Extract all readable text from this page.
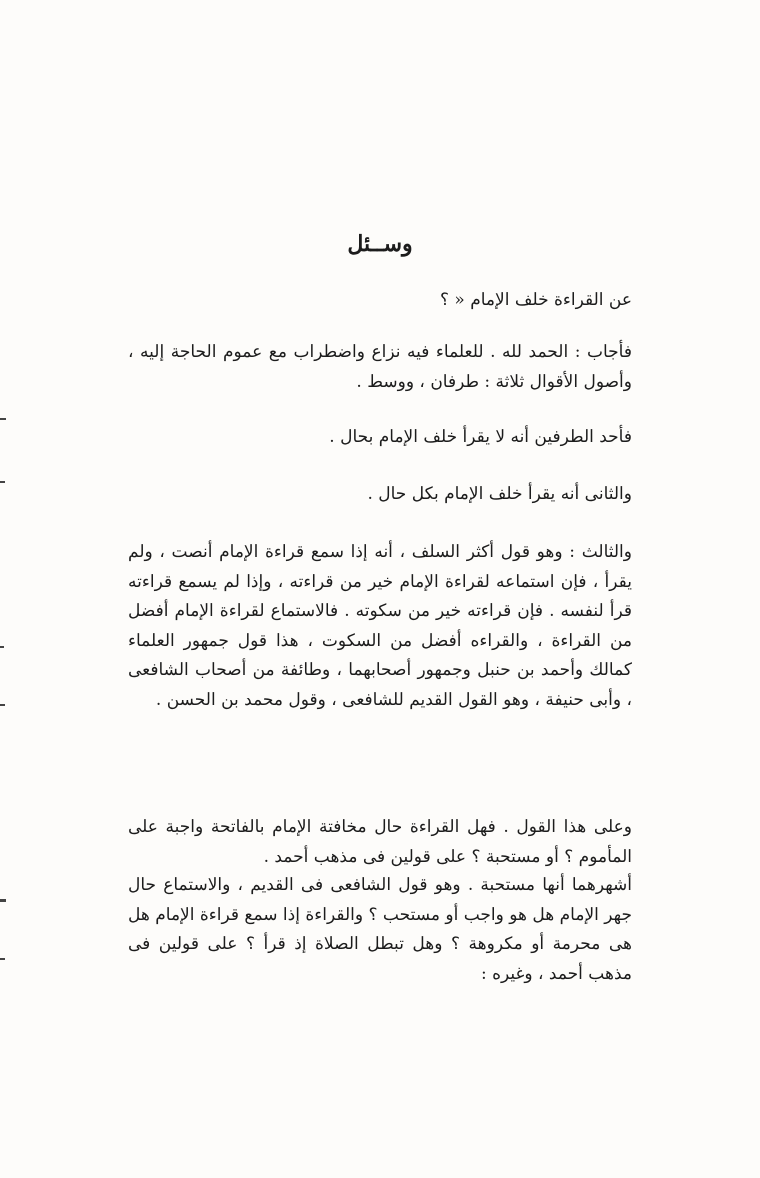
وســئل

عن القراءة خلف الإمام « ؟

فأجاب : الحمد لله . للعلماء فيه نزاع واضطراب مع عموم الحاجة إليه ، وأصول الأقوال ثلاثة : طرفان ، ووسط .

فأحد الطرفين أنه لا يقرأ خلف الإمام بحال .

والثانى أنه يقرأ خلف الإمام بكل حال .

والثالث : وهو قول أكثر السلف ، أنه إذا سمع قراءة الإمام أنصت ، ولم يقرأ ، فإن استماعه لقراءة الإمام خير من قراءته ، وإذا لم يسمع قراءته قرأ لنفسه . فإن قراءته خير من سكوته . فالاستماع لقراءة الإمام أفضل من القراءة ، والقراءه أفضل من السكوت ، هذا قول جمهور العلماء كمالك وأحمد بن حنبل وجمهور أصحابهما ، وطائفة من أصحاب الشافعى ، وأبى حنيفة ، وهو القول القديم للشافعى ، وقول محمد بن الحسن .

وعلى هذا القول . فهل القراءة حال مخافتة الإمام بالفاتحة واجبة على المأموم ؟ أو مستحبة ؟ على قولين فى مذهب أحمد .

أشهرهما أنها مستحبة . وهو قول الشافعى فى القديم ، والاستماع حال جهر الإمام هل هو واجب أو مستحب ؟ والقراءة إذا سمع قراءة الإمام هل هى محرمة أو مكروهة ؟ وهل تبطل الصلاة إذ قرأ ؟ على قولين فى مذهب أحمد ، وغيره :
